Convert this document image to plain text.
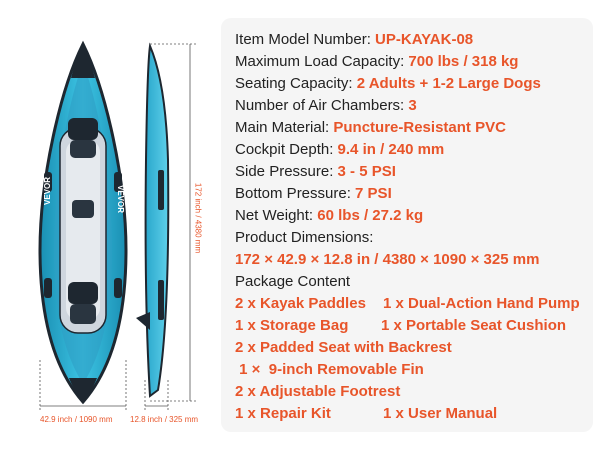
VEVOR	VEVOR
42.9 inch / 1090 mm 12.8 inch / 325 mm
172 inch / 4380 mm
Item Model Number: UP-KAYAK-08
Maximum Load Capacity: 700 lbs / 318 kg
Seating Capacity: 2 Adults + 1-2 Large Dogs
Number of Air Chambers: 3
Main Material: Puncture-Resistant PVC
Cockpit Depth: 9.4 in / 240 mm
Side Pressure: 3 - 5 PSI
Bottom Pressure: 7 PSI
Net Weight: 60 lbs / 27.2 kg
Product Dimensions:
172 × 42.9 × 12.8 in / 4380 × 1090 × 325 mm
Package Content
2 x Kayak Paddles 1 x Dual-Action Hand Pump
1 x Storage Bag 1 x Portable Seat Cushion
2 x Padded Seat with Backrest
1 ×  9-inch Removable Fin
2 x Adjustable Footrest
1 x Repair Kit	1 x User Manual
